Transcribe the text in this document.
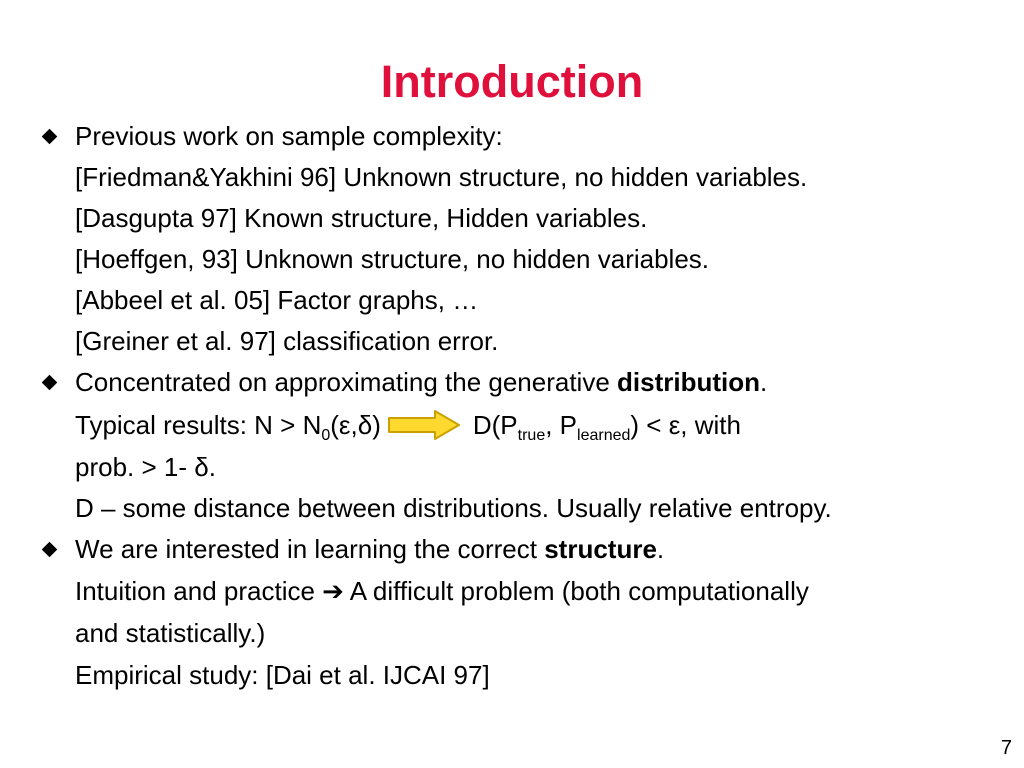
Introduction
Previous work on sample complexity:
[Friedman&Yakhini 96] Unknown structure, no hidden variables.
[Dasgupta 97] Known structure, Hidden variables.
[Hoeffgen, 93] Unknown structure, no hidden variables.
[Abbeel et al. 05] Factor graphs, …
[Greiner et al. 97] classification error.
Concentrated on approximating the generative distribution.
Typical results: $N > N_0(\varepsilon,\delta)$	$D(P_{true}$, $P_{learned}) < \varepsilon$, with
prob. > 1- δ.
D – some distance between distributions. Usually relative entropy.
We are interested in learning the correct structure.
Intuition and practice ➔ A difficult problem (both computationally
and statistically.)
Empirical study: [Dai et al. IJCAI 97]
7
